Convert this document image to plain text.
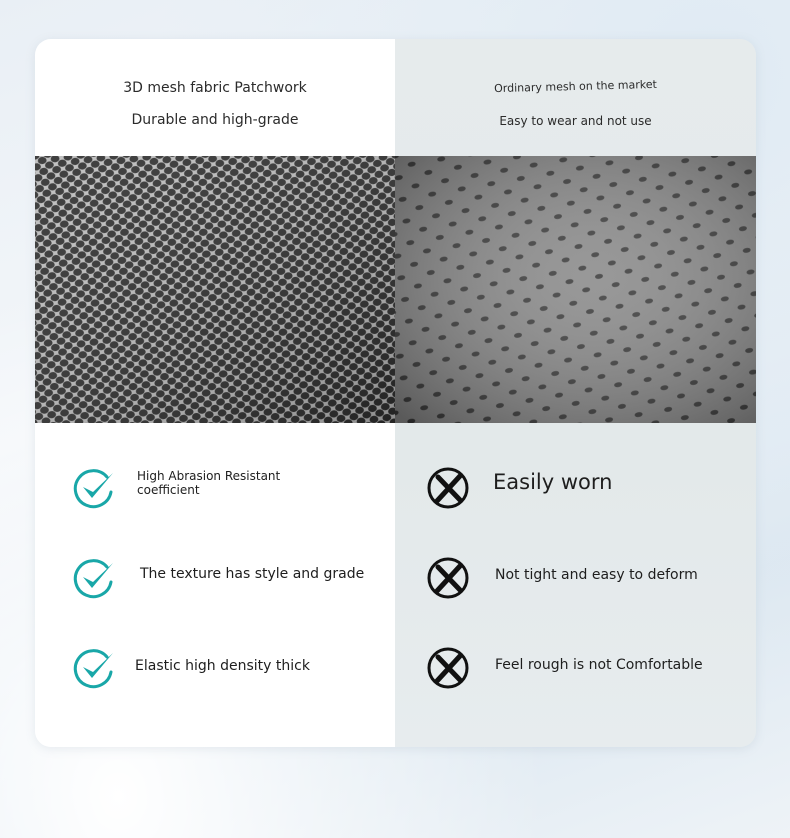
3D mesh fabric Patchwork
Durable and high-grade
High Abrasion Resistant coefficient
The texture has style and grade
Elastic high density thick
Ordinary mesh on the market
Easy to wear and not use
Easily worn
Not tight and easy to deform
Feel rough is not Comfortable
